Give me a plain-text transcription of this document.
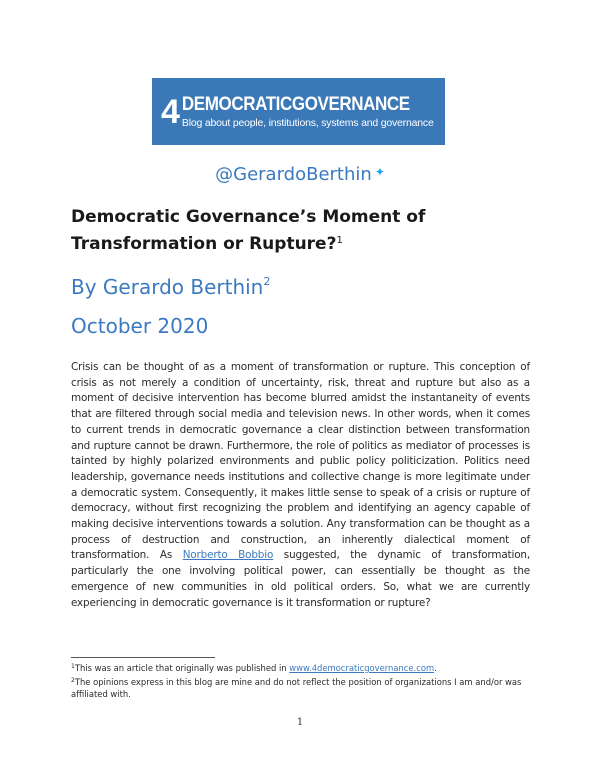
4 DEMOCRATICGOVERNANCE
Blog about people, institutions, systems and governance
@GerardoBerthin ✦
Democratic Governance’s Moment of Transformation or Rupture?$^1$
By Gerardo Berthin$^2$
October 2020

Crisis can be thought of as a moment of transformation or rupture. This conception of crisis as not merely a condition of uncertainty, risk, threat and rupture but also as a moment of decisive intervention has become blurred amidst the instantaneity of events that are filtered through social media and television news. In other words, when it comes to current trends in democratic governance a clear distinction between transformation and rupture cannot be drawn. Furthermore, the role of politics as mediator of processes is tainted by highly polarized environments and public policy politicization. Politics need leadership, governance needs institutions and collective change is more legitimate under a democratic system. Consequently, it makes little sense to speak of a crisis or rupture of democracy, without first recognizing the problem and identifying an agency capable of making decisive interventions towards a solution. Any transformation can be thought as a process of destruction and construction, an inherently dialectical moment of transformation. As Norberto Bobbio suggested, the dynamic of transformation, particularly the one involving political power, can essentially be thought as the emergence of new communities in old political orders. So, what we are currently experiencing in democratic governance is it transformation or rupture?

$^1$This was an article that originally was published in www.4democraticgovernance.com.

$^2$The opinions express in this blog are mine and do not reflect the position of organizations I am and/or was affiliated with.

1
